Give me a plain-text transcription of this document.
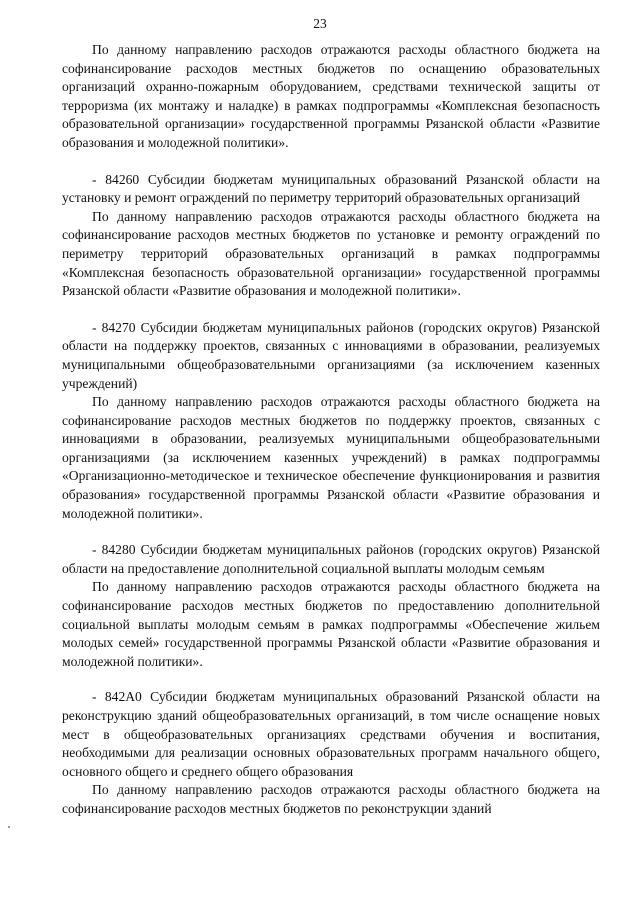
23

По данному направлению расходов отражаются расходы областного бюджета на софинансирование расходов местных бюджетов по оснащению образовательных организаций охранно-пожарным оборудованием, средствами технической защиты от терроризма (их монтажу и наладке) в рамках подпрограммы «Комплексная безопасность образовательной организации» государственной программы Рязанской области «Развитие образования и молодежной политики».

- 84260 Субсидии бюджетам муниципальных образований Рязанской области на установку и ремонт ограждений по периметру территорий образовательных организаций

По данному направлению расходов отражаются расходы областного бюджета на софинансирование расходов местных бюджетов по установке и ремонту ограждений по периметру территорий образовательных организаций в рамках подпрограммы «Комплексная безопасность образовательной организации» государственной программы Рязанской области «Развитие образования и молодежной политики».

- 84270 Субсидии бюджетам муниципальных районов (городских округов) Рязанской области на поддержку проектов, связанных с инновациями в образовании, реализуемых муниципальными общеобразовательными организациями (за исключением казенных учреждений)

По данному направлению расходов отражаются расходы областного бюджета на софинансирование расходов местных бюджетов по поддержку проектов, связанных с инновациями в образовании, реализуемых муниципальными общеобразовательными организациями (за исключением казенных учреждений) в рамках подпрограммы «Организационно-методическое и техническое обеспечение функционирования и развития образования» государственной программы Рязанской области «Развитие образования и молодежной политики».

- 84280 Субсидии бюджетам муниципальных районов (городских округов) Рязанской области на предоставление дополнительной социальной выплаты молодым семьям

По данному направлению расходов отражаются расходы областного бюджета на софинансирование расходов местных бюджетов по предоставлению дополнительной социальной выплаты молодым семьям в рамках подпрограммы «Обеспечение жильем молодых семей» государственной программы Рязанской области «Развитие образования и молодежной политики».

- 842А0 Субсидии бюджетам муниципальных образований Рязанской области на реконструкцию зданий общеобразовательных организаций, в том числе оснащение новых мест в общеобразовательных организациях средствами обучения и воспитания, необходимыми для реализации основных образовательных программ начального общего, основного общего и среднего общего образования

По данному направлению расходов отражаются расходы областного бюджета на софинансирование расходов местных бюджетов по реконструкции зданий
